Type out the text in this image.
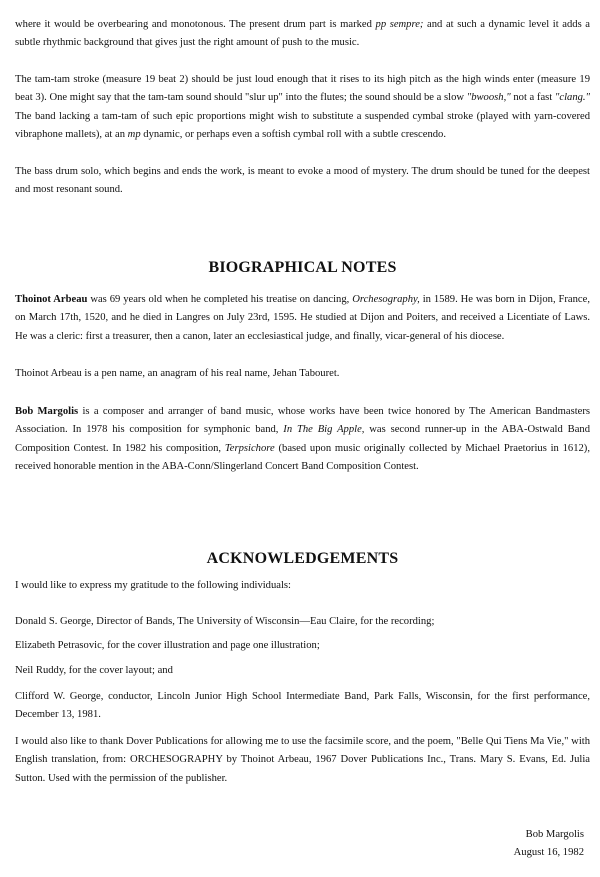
where it would be overbearing and monotonous. The present drum part is marked pp sempre; and at such a dynamic level it adds a subtle rhythmic background that gives just the right amount of push to the music.

The tam-tam stroke (measure 19 beat 2) should be just loud enough that it rises to its high pitch as the high winds enter (measure 19 beat 3). One might say that the tam-tam sound should "slur up" into the flutes; the sound should be a slow "bwoosh," not a fast "clang." The band lacking a tam-tam of such epic proportions might wish to substitute a suspended cymbal stroke (played with yarn-covered vibraphone mallets), at an mp dynamic, or perhaps even a softish cymbal roll with a subtle crescendo.

The bass drum solo, which begins and ends the work, is meant to evoke a mood of mystery. The drum should be tuned for the deepest and most resonant sound.

BIOGRAPHICAL NOTES

Thoinot Arbeau was 69 years old when he completed his treatise on dancing, Orchesography, in 1589. He was born in Dijon, France, on March 17th, 1520, and he died in Langres on July 23rd, 1595. He studied at Dijon and Poiters, and received a Licentiate of Laws. He was a cleric: first a treasurer, then a canon, later an ecclesiastical judge, and finally, vicar-general of his diocese.

Thoinot Arbeau is a pen name, an anagram of his real name, Jehan Tabouret.

Bob Margolis is a composer and arranger of band music, whose works have been twice honored by The American Bandmasters Association. In 1978 his composition for symphonic band, In The Big Apple, was second runner-up in the ABA-Ostwald Band Composition Contest. In 1982 his composition, Terpsichore (based upon music originally collected by Michael Praetorius in 1612), received honorable mention in the ABA-Conn/Slingerland Concert Band Composition Contest.

ACKNOWLEDGEMENTS

I would like to express my gratitude to the following individuals:

Donald S. George, Director of Bands, The University of Wisconsin—Eau Claire, for the recording;

Elizabeth Petrasovic, for the cover illustration and page one illustration;

Neil Ruddy, for the cover layout; and

Clifford W. George, conductor, Lincoln Junior High School Intermediate Band, Park Falls, Wisconsin, for the first performance, December 13, 1981.

I would also like to thank Dover Publications for allowing me to use the facsimile score, and the poem, "Belle Qui Tiens Ma Vie," with English translation, from: ORCHESOGRAPHY by Thoinot Arbeau, 1967 Dover Publications Inc., Trans. Mary S. Evans, Ed. Julia Sutton. Used with the permission of the publisher.

Bob Margolis
August 16, 1982
